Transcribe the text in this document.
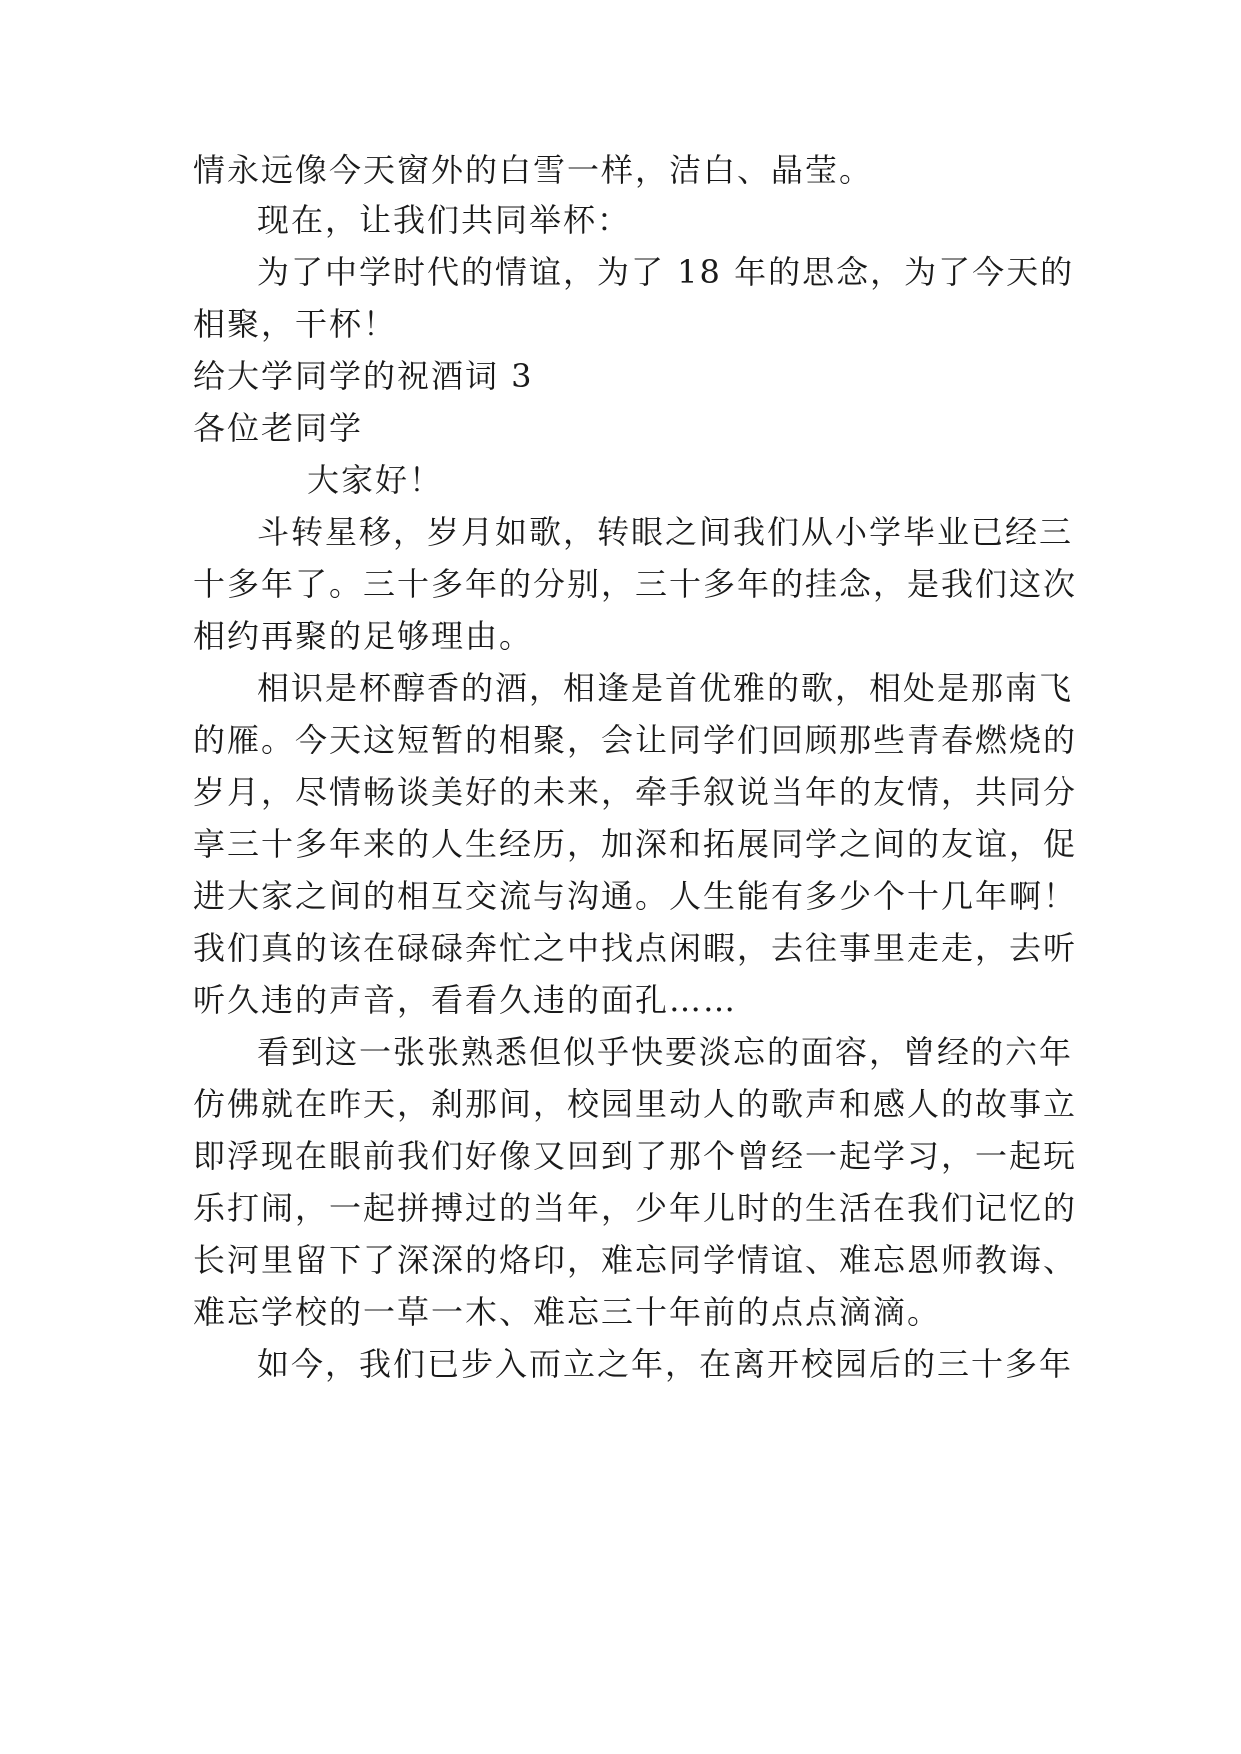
情永远像今天窗外的白雪一样，洁白、晶莹。
现在，让我们共同举杯：
为了中学时代的情谊，为了 18 年的思念，为了今天的
相聚，干杯！
给大学同学的祝酒词 3
各位老同学
大家好！
斗转星移，岁月如歌，转眼之间我们从小学毕业已经三
十多年了。三十多年的分别，三十多年的挂念，是我们这次
相约再聚的足够理由。
相识是杯醇香的酒，相逢是首优雅的歌，相处是那南飞
的雁。今天这短暂的相聚，会让同学们回顾那些青春燃烧的
岁月，尽情畅谈美好的未来，牵手叙说当年的友情，共同分
享三十多年来的人生经历，加深和拓展同学之间的友谊，促
进大家之间的相互交流与沟通。人生能有多少个十几年啊！
我们真的该在碌碌奔忙之中找点闲暇，去往事里走走，去听
听久违的声音，看看久违的面孔……
看到这一张张熟悉但似乎快要淡忘的面容，曾经的六年
仿佛就在昨天，刹那间，校园里动人的歌声和感人的故事立
即浮现在眼前我们好像又回到了那个曾经一起学习，一起玩
乐打闹，一起拼搏过的当年，少年儿时的生活在我们记忆的
长河里留下了深深的烙印，难忘同学情谊、难忘恩师教诲、
难忘学校的一草一木、难忘三十年前的点点滴滴。
如今，我们已步入而立之年，在离开校园后的三十多年
